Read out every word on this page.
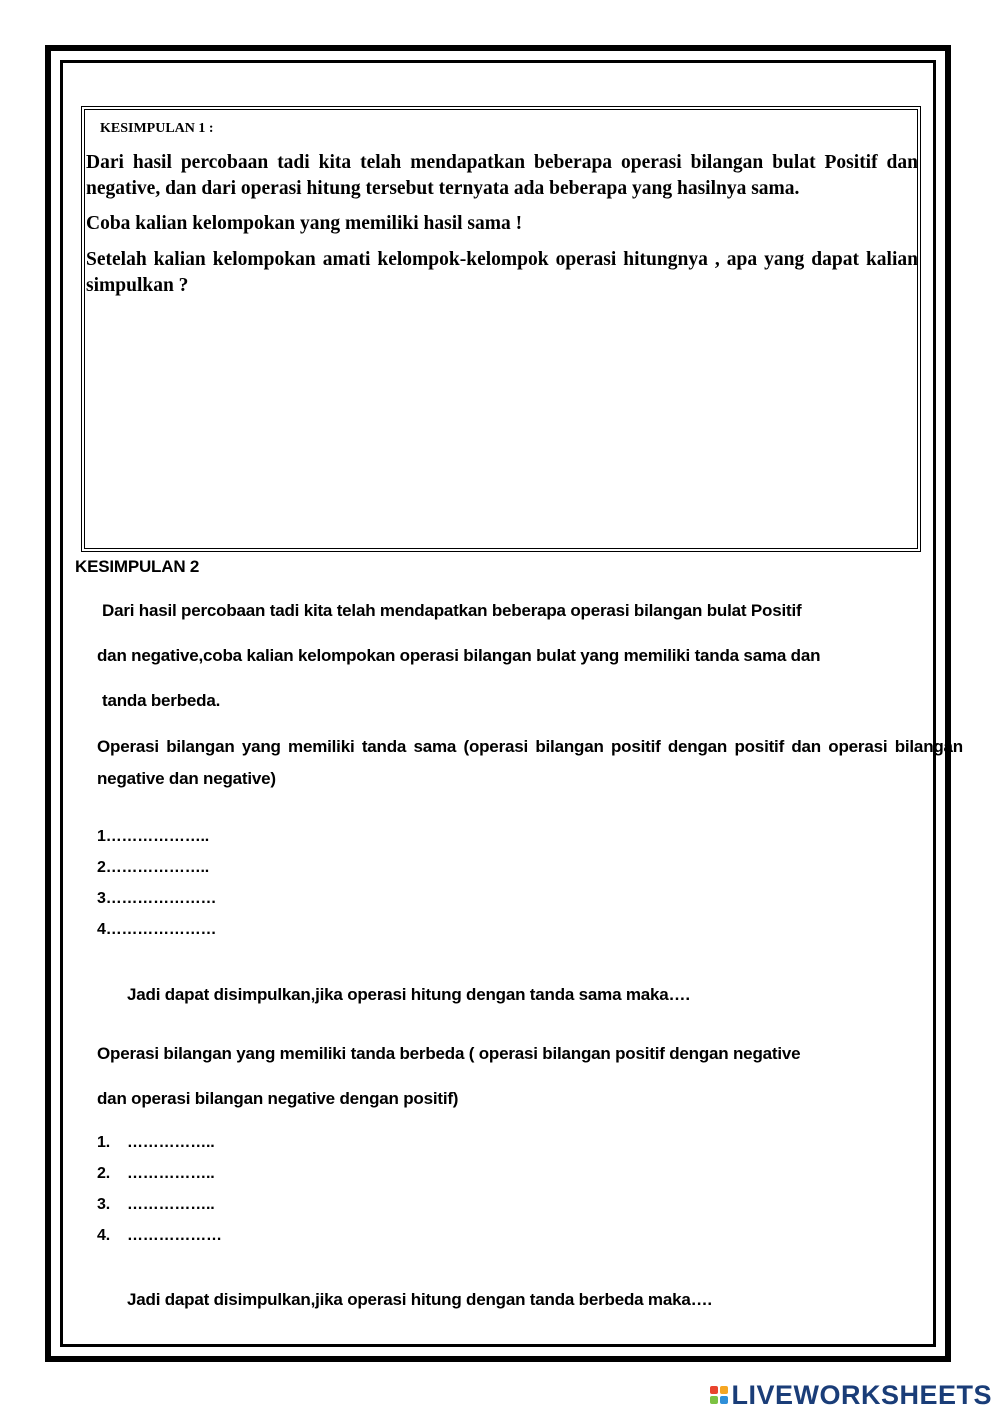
KESIMPULAN 1 :

Dari hasil percobaan tadi kita telah mendapatkan beberapa operasi bilangan bulat Positif dan negative, dan dari operasi hitung tersebut ternyata ada beberapa yang hasilnya sama.

Coba kalian kelompokan yang memiliki hasil sama !

Setelah kalian kelompokan amati kelompok-kelompok operasi hitungnya , apa yang dapat kalian simpulkan ?

KESIMPULAN 2
Dari hasil percobaan tadi kita telah mendapatkan beberapa operasi bilangan bulat Positif
dan negative,coba kalian kelompokan operasi bilangan bulat yang memiliki tanda sama dan
tanda berbeda.

Operasi bilangan yang memiliki tanda sama (operasi bilangan positif dengan positif dan operasi bilangan negative dan negative)

1………………..
2………………..
3…………………
4…………………
Jadi dapat disimpulkan,jika operasi hitung dengan tanda sama maka….
Operasi bilangan yang memiliki tanda berbeda ( operasi bilangan positif dengan negative
dan operasi bilangan negative dengan positif)
1. ……………..
2. ……………..
3. ……………..
4. ………………
Jadi dapat disimpulkan,jika operasi hitung dengan tanda berbeda maka….
LIVEWORKSHEETS
